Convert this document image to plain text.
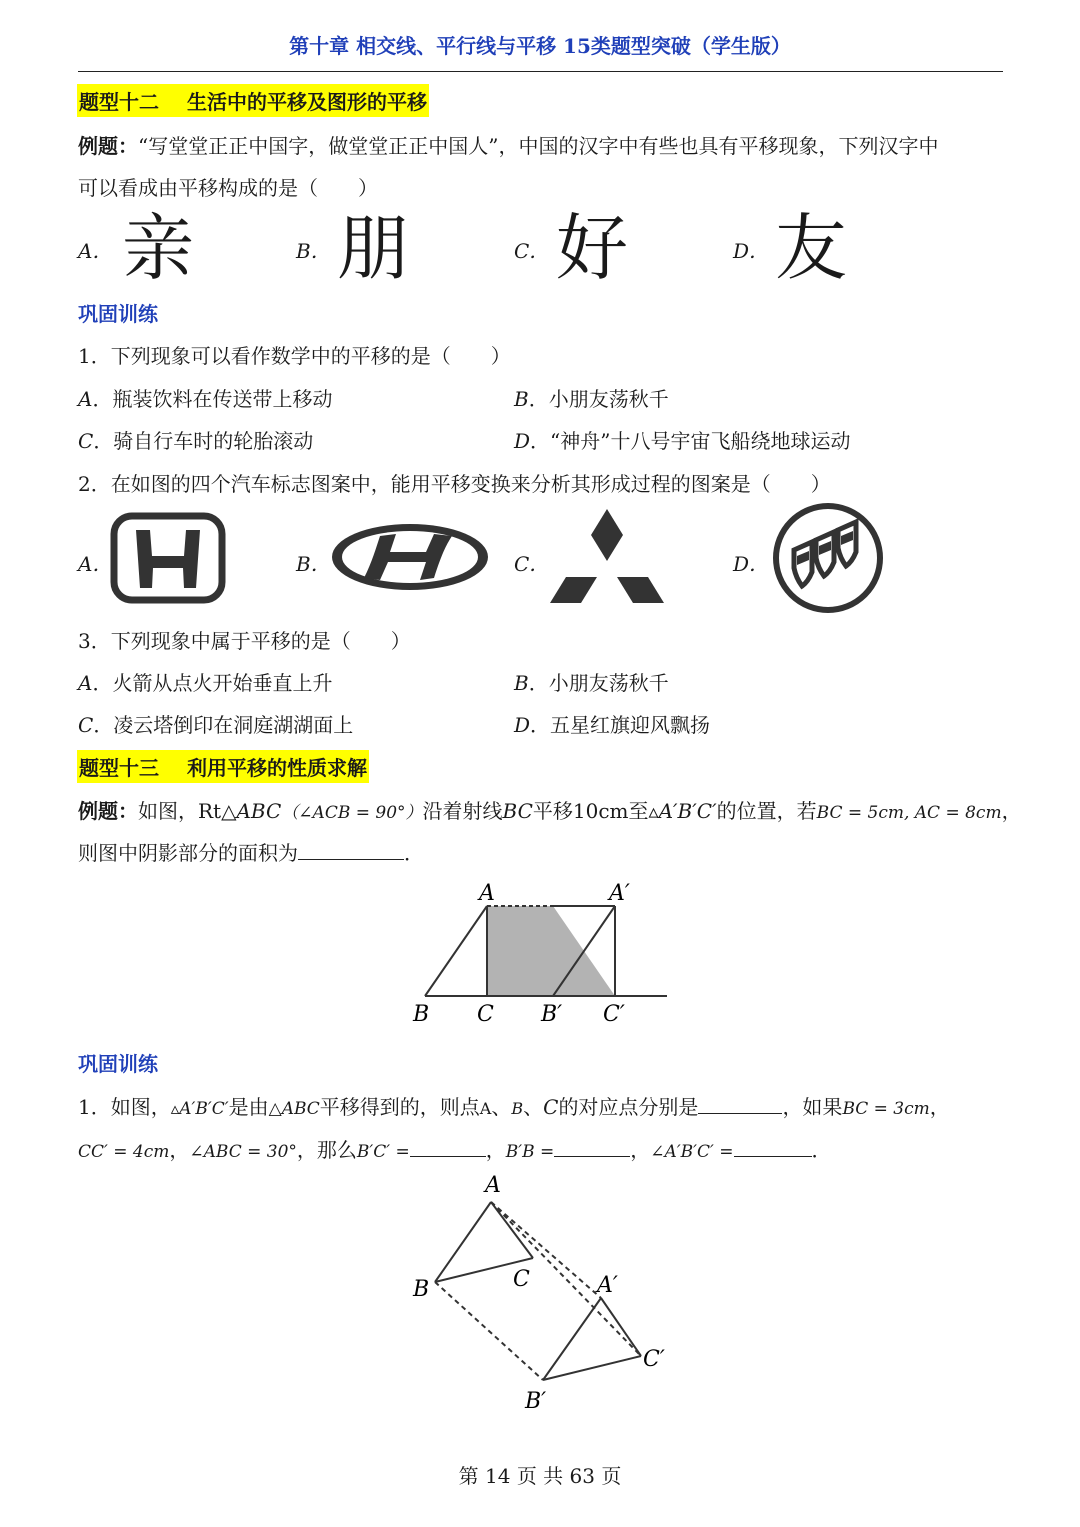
第十章 相交线、平行线与平移 15类题型突破（学生版）
题型十二 生活中的平移及图形的平移
例题：“写堂堂正正中国字，做堂堂正正中国人”，中国的汉字中有些也具有平移现象，下列汉字中
可以看成由平移构成的是（　　）
A． 亲	B． 朋	C． 好	D． 友
巩固训练
1．下列现象可以看作数学中的平移的是（　　）
A．瓶装饮料在传送带上移动	B．小朋友荡秋千
C．骑自行车时的轮胎滚动	D．“神舟”十八号宇宙飞船绕地球运动
2．在如图的四个汽车标志图案中，能用平移变换来分析其形成过程的图案是（　　）
A．	B．	C．	D．
3．下列现象中属于平移的是（　　）
A．火箭从点火开始垂直上升	B．小朋友荡秋千
C．凌云塔倒印在洞庭湖湖面上	D．五星红旗迎风飘扬
题型十三 利用平移的性质求解
例题：如图，Rt△ABC（∠ACB = 90°）沿着射线BC平移10cm至▵A′B′C′的位置，若BC = 5cm, AC = 8cm，
则图中阴影部分的面积为	．
A	A′
B C B′ C′
巩固训练
1．如图，▵A′B′C′是由△ABC平移得到的，则点A、B、C的对应点分别是	，如果BC = 3cm，
CC′ = 4cm，∠ABC = 30°，那么B′C′ =	，B′B =	，∠A′B′C′ =	．
A
B	C	A′
C′
B′
第 14 页 共 63 页
